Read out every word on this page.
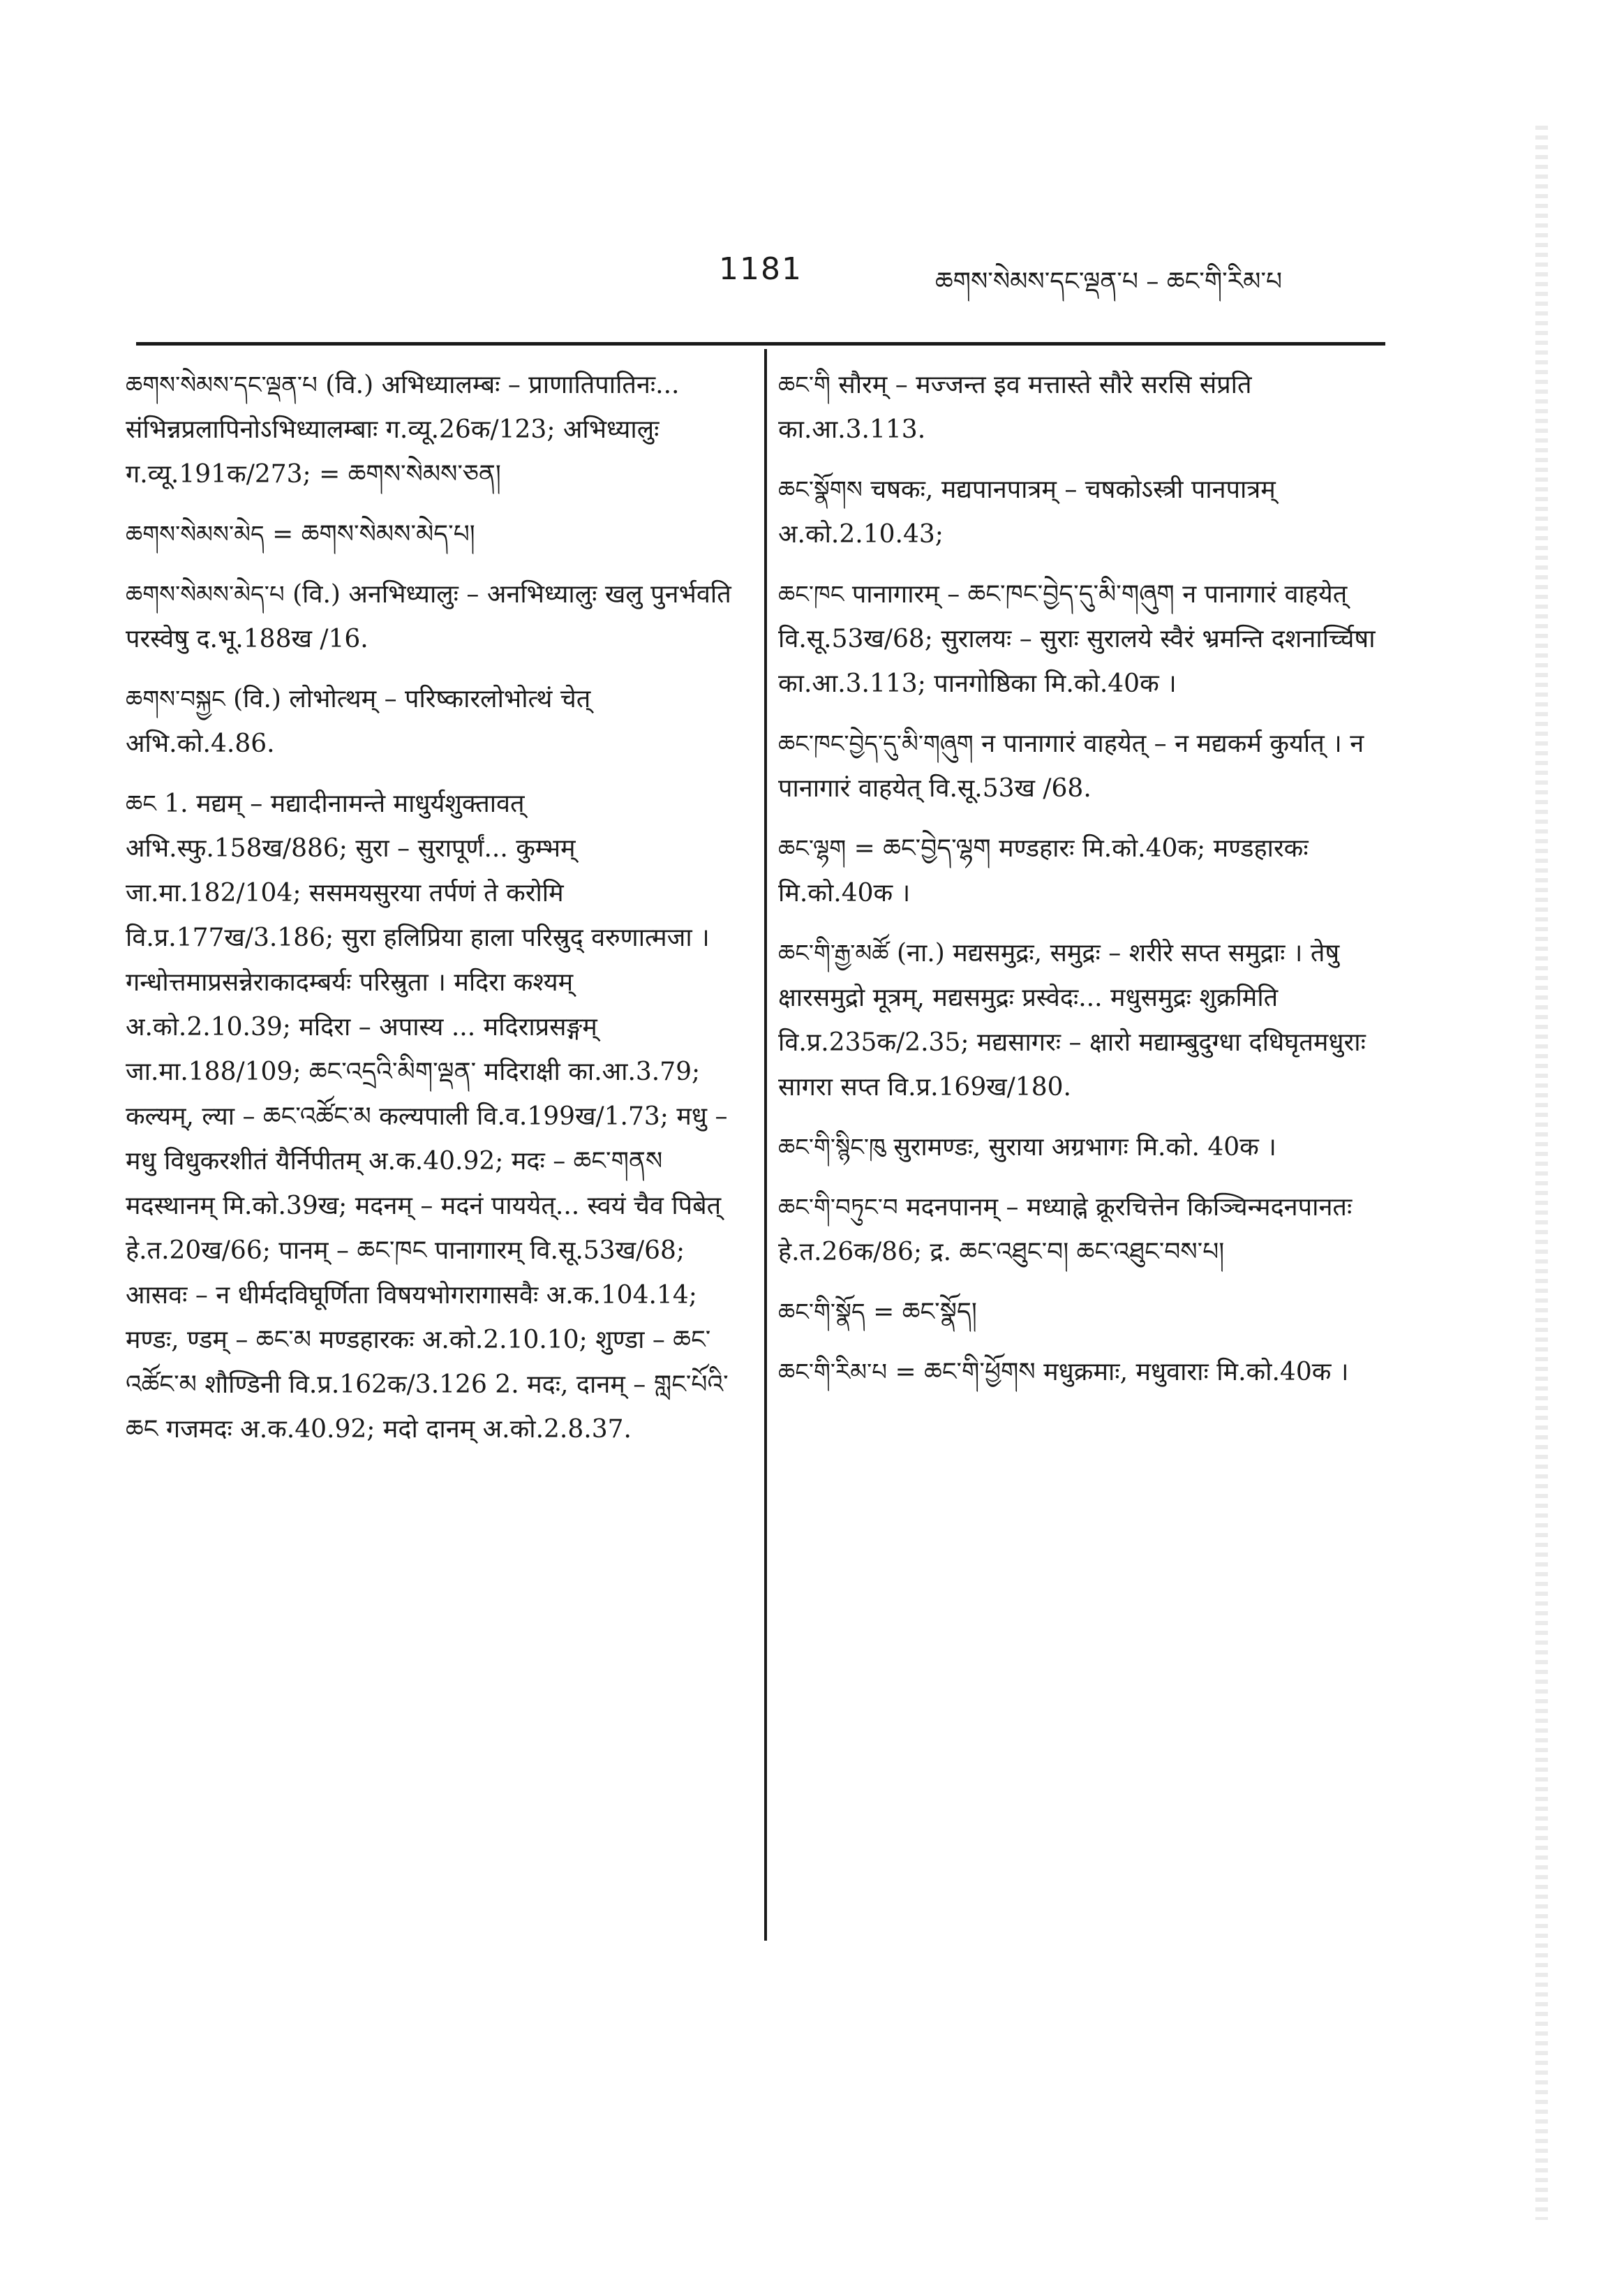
1181	ཆགས་སེམས་དང་ལྡན་པ – ཆང་གི་རིམ་པ
ཆགས་སེམས་དང་ལྡན་པ (वि.) अभिध्यालम्बः – प्राणातिपातिनः... संभिन्नप्रलापिनोऽभिध्यालम्बाः ग.व्यू.26क/123; अभिध्यालुः ग.व्यू.191क/273; = ཆགས་སེམས་ཅན།
ཆགས་སེམས་མེད = ཆགས་སེམས་མེད་པ།
ཆགས་སེམས་མེད་པ (वि.) अनभिध्यालुः – अनभिध्यालुः खलु पुनर्भवति परस्वेषु द.भू.188ख /16.
ཆགས་བསྐྱང (वि.) लोभोत्थम् – परिष्कारलोभोत्थं चेत् अभि.को.4.86.
ཆང 1. मद्यम् – मद्यादीनामन्ते माधुर्यशुक्तावत् अभि.स्फु.158ख/886; सुरा – सुरापूर्णं... कुम्भम् जा.मा.182/104; ससमयसुरया तर्पणं ते करोमि वि.प्र.177ख/3.186; सुरा हलिप्रिया हाला परिस्रुद् वरुणात्मजा । गन्धोत्तमाप्रसन्नेराकादम्बर्यः परिस्रुता । मदिरा कश्यम् अ.को.2.10.39; मदिरा – अपास्य ... मदिराप्रसङ्गम् जा.मा.188/109; ཆང་འདྲའི་མིག་ལྡན་ मदिराक्षी का.आ.3.79; कल्यम्, ल्या – ཆང་འཚོང་མ कल्यपाली वि.व.199ख/1.73; मधु – मधु विधुकरशीतं यैर्निपीतम् अ.क.40.92; मदः – ཆང་གནས मदस्थानम् मि.को.39ख; मदनम् – मदनं पाययेत्... स्वयं चैव पिबेत् हे.त.20ख/66; पानम् – ཆང་ཁང पानागारम् वि.सू.53ख/68; आसवः – न धीर्मदविघूर्णिता विषयभोगरागासवैः अ.क.104.14; मण्डः, ण्डम् – ཆང་མ मण्डहारकः अ.को.2.10.10; शुण्डा – ཆང་འཚོང་མ शौण्डिनी वि.प्र.162क/3.126 2. मदः, दानम् – གླང་པོའི་ཆང गजमदः अ.क.40.92; मदो दानम् अ.को.2.8.37.
ཆང་གི सौरम् – मज्जन्त इव मत्तास्ते सौरे सरसि संप्रति का.आ.3.113.
ཆང་སྣོགས चषकः, मद्यपानपात्रम् – चषकोऽस्त्री पानपात्रम् अ.को.2.10.43;
ཆང་ཁང पानागारम् – ཆང་ཁང་བྱེད་དུ་མི་གཞུག न पानागारं वाहयेत् वि.सू.53ख/68; सुरालयः – सुराः सुरालये स्वैरं भ्रमन्ति दशनार्च्चिषा का.आ.3.113; पानगोष्ठिका मि.को.40क ।
ཆང་ཁང་བྱེད་དུ་མི་གཞུག न पानागारं वाहयेत् – न मद्यकर्म कुर्यात् । न पानागारं वाहयेत् वि.सू.53ख /68.
ཆང་ལྷག = ཆང་བྱེད་ལྷག मण्डहारः मि.को.40क; मण्डहारकः मि.को.40क ।
ཆང་གི་རྒྱ་མཚོ (ना.) मद्यसमुद्रः, समुद्रः – शरीरे सप्त समुद्राः । तेषु क्षारसमुद्रो मूत्रम्, मद्यसमुद्रः प्रस्वेदः... मधुसमुद्रः शुक्रमिति वि.प्र.235क/2.35; मद्यसागरः – क्षारो मद्याम्बुदुग्धा दधिघृतमधुराः सागरा सप्त वि.प्र.169ख/180.
ཆང་གི་སྙིང་ཁུ सुरामण्डः, सुराया अग्रभागः मि.को. 40क ।
ཆང་གི་བཏུང་བ मदनपानम् – मध्याह्ने क्रूरचित्तेन किञ्चिन्मदनपानतः हे.त.26क/86; द्र. ཆང་འཐུང་བ། ཆང་འཐུང་བས་པ།
ཆང་གི་སྣོད = ཆང་སྣོད།
ཆང་གི་རིམ་པ = ཆང་གི་ཕྱོགས मधुक्रमाः, मधुवाराः मि.को.40क ।
